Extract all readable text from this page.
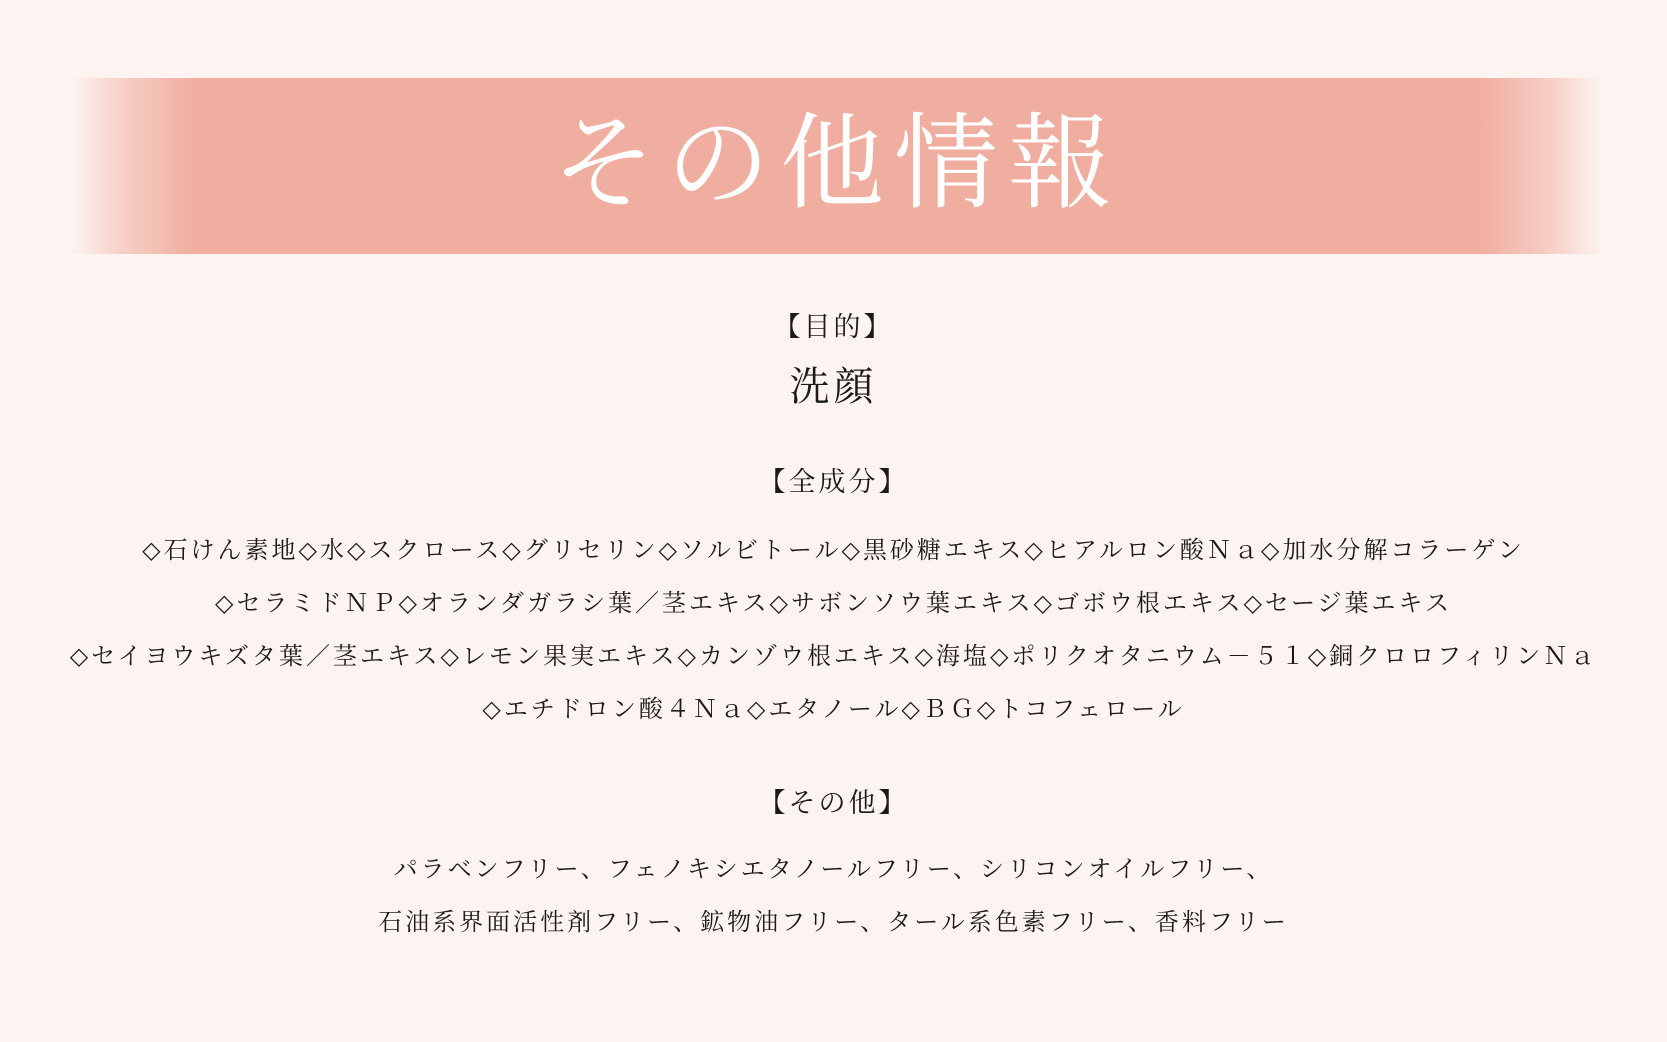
その他情報

【目的】

洗顔

【全成分】

◇石けん素地◇水◇スクロース◇グリセリン◇ソルビトール◇黒砂糖エキス◇ヒアルロン酸Ｎａ◇加水分解コラーゲン
◇セラミドＮＰ◇オランダガラシ葉／茎エキス◇サボンソウ葉エキス◇ゴボウ根エキス◇セージ葉エキス
◇セイヨウキズタ葉／茎エキス◇レモン果実エキス◇カンゾウ根エキス◇海塩◇ポリクオタニウム－５１◇銅クロロフィリンＮａ
◇エチドロン酸４Ｎａ◇エタノール◇ＢＧ◇トコフェロール

【その他】

パラベンフリー、フェノキシエタノールフリー、シリコンオイルフリー、
石油系界面活性剤フリー、鉱物油フリー、タール系色素フリー、香料フリー
